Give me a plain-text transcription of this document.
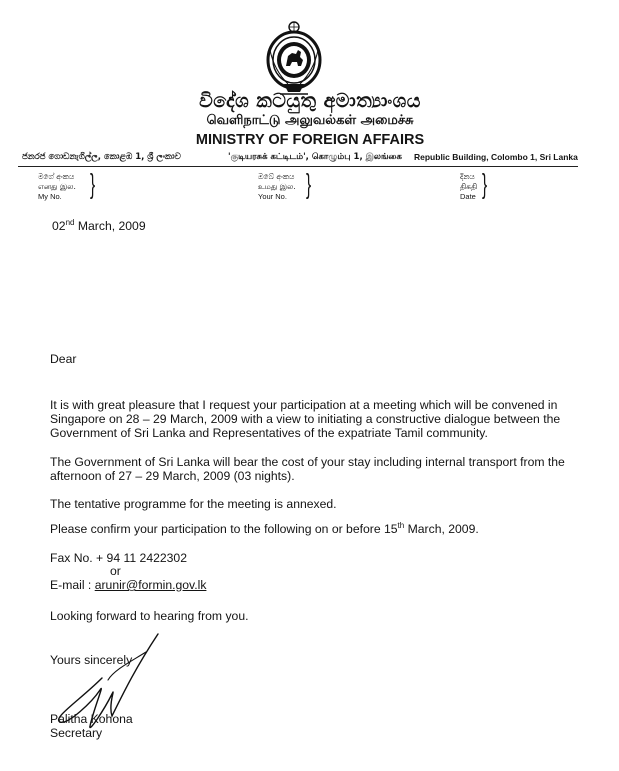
විදේශ කටයුතු අමාත්‍යාංශය
வெளிநாட்டு அலுவல்கள் அமைச்சு
MINISTRY OF FOREIGN AFFAIRS
ජනරජ ගොඩනැගිල්ල, කොළඹ 1, ශ්‍රී ලංකාව	'குடியரசுக் கட்டிடம்', கொழும்பு 1, இலங்கை Republic Building, Colombo 1, Sri Lanka
මගේ අංකය
எனது இல.
My No.	}	ඔබේ අංකය
உமது இல.
Your No. }	දිනය
திகதி
Date }
02nd March, 2009
Dear
It is with great pleasure that I request your participation at a meeting which will be convened in Singapore on 28 – 29 March, 2009 with a view to initiating a constructive dialogue between the Government of Sri Lanka and Representatives of the expatriate Tamil community.
The Government of Sri Lanka will bear the cost of your stay including internal transport from the afternoon of 27 – 29 March, 2009 (03 nights).
The tentative programme for the meeting is annexed.
Please confirm your participation to the following on or before 15th March, 2009.
Fax No. + 94 11 2422302
or
E-mail : arunir@formin.gov.lk
Looking forward to hearing from you.
Yours sincerely
Palitha Kohona
Secretary
